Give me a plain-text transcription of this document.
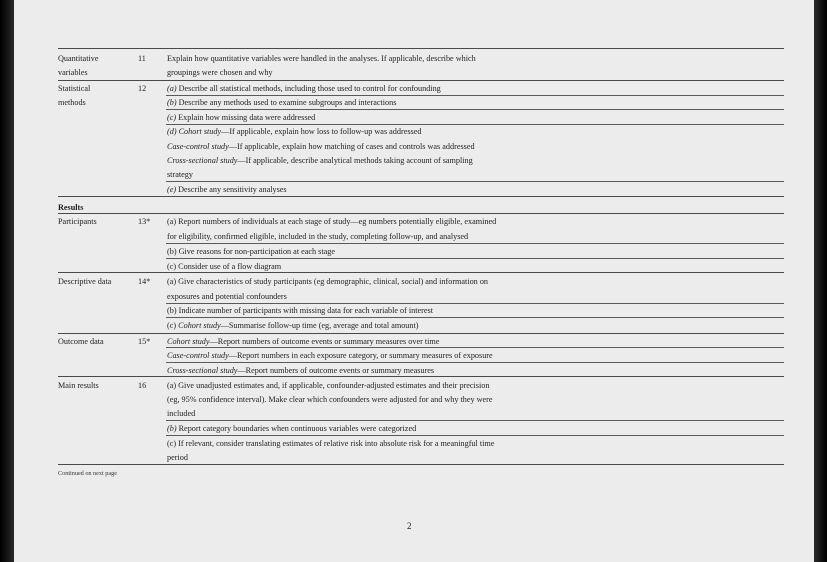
Quantitative
variables
11	Explain how quantitative variables were handled in the analyses. If applicable, describe which
groupings were chosen and why
Statistical
methods
12	(a) Describe all statistical methods, including those used to control for confounding
(b) Describe any methods used to examine subgroups and interactions
(c) Explain how missing data were addressed
(d) Cohort study—If applicable, explain how loss to follow-up was addressed
Case-control study—If applicable, explain how matching of cases and controls was addressed
Cross-sectional study—If applicable, describe analytical methods taking account of sampling
strategy
(e) Describe any sensitivity analyses
Results
Participants	13* (a) Report numbers of individuals at each stage of study—eg numbers potentially eligible, examined
for eligibility, confirmed eligible, included in the study, completing follow-up, and analysed
(b) Give reasons for non-participation at each stage
(c) Consider use of a flow diagram
Descriptive data	14* (a) Give characteristics of study participants (eg demographic, clinical, social) and information on
exposures and potential confounders
(b) Indicate number of participants with missing data for each variable of interest
(c) Cohort study—Summarise follow-up time (eg, average and total amount)
Outcome data	15* Cohort study—Report numbers of outcome events or summary measures over time
Case-control study—Report numbers in each exposure category, or summary measures of exposure
Cross-sectional study—Report numbers of outcome events or summary measures
Main results	16	(a) Give unadjusted estimates and, if applicable, confounder-adjusted estimates and their precision
(eg, 95% confidence interval). Make clear which confounders were adjusted for and why they were
included
(b) Report category boundaries when continuous variables were categorized
(c) If relevant, consider translating estimates of relative risk into absolute risk for a meaningful time
period
Continued on next page
2
